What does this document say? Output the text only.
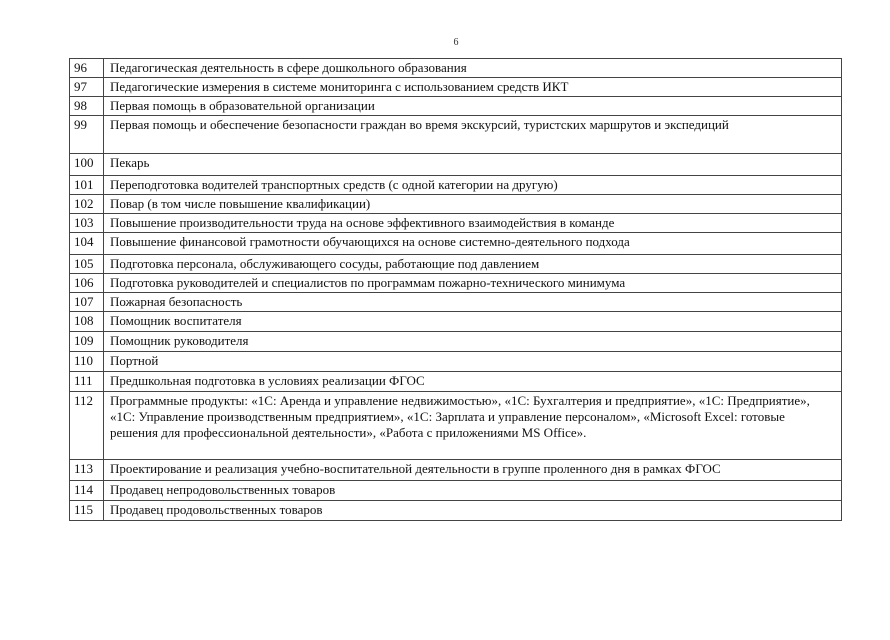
6
96	Педагогическая деятельность в сфере дошкольного образования
97	Педагогические измерения в системе мониторинга с использованием средств ИКТ
98	Первая помощь в образовательной организации
99	Первая помощь и обеспечение безопасности граждан во время экскурсий, туристских маршрутов и экспедиций
100	Пекарь
101	Переподготовка водителей транспортных средств (с одной категории на другую)
102	Повар (в том числе повышение квалификации)
103	Повышение производительности труда на основе эффективного взаимодействия в команде
104	Повышение финансовой грамотности обучающихся на основе системно-деятельного подхода
105	Подготовка персонала, обслуживающего сосуды, работающие под давлением
106	Подготовка руководителей и специалистов по программам пожарно-технического минимума
107	Пожарная безопасность
108	Помощник воспитателя
109	Помощник руководителя
110	Портной
111	Предшкольная подготовка в условиях реализации ФГОС
112	Программные продукты: «1С: Аренда и управление недвижимостью», «1С: Бухгалтерия и предприятие», «1С: Предприятие», «1С: Управление производственным предприятием», «1С: Зарплата и управление персоналом», «Microsoft Excel: готовые решения для профессиональной деятельности», «Работа с приложениями MS Office».
113	Проектирование и реализация учебно-воспитательной деятельности в группе проленного дня в рамках ФГОС
114	Продавец непродовольственных товаров
115	Продавец продовольственных товаров
